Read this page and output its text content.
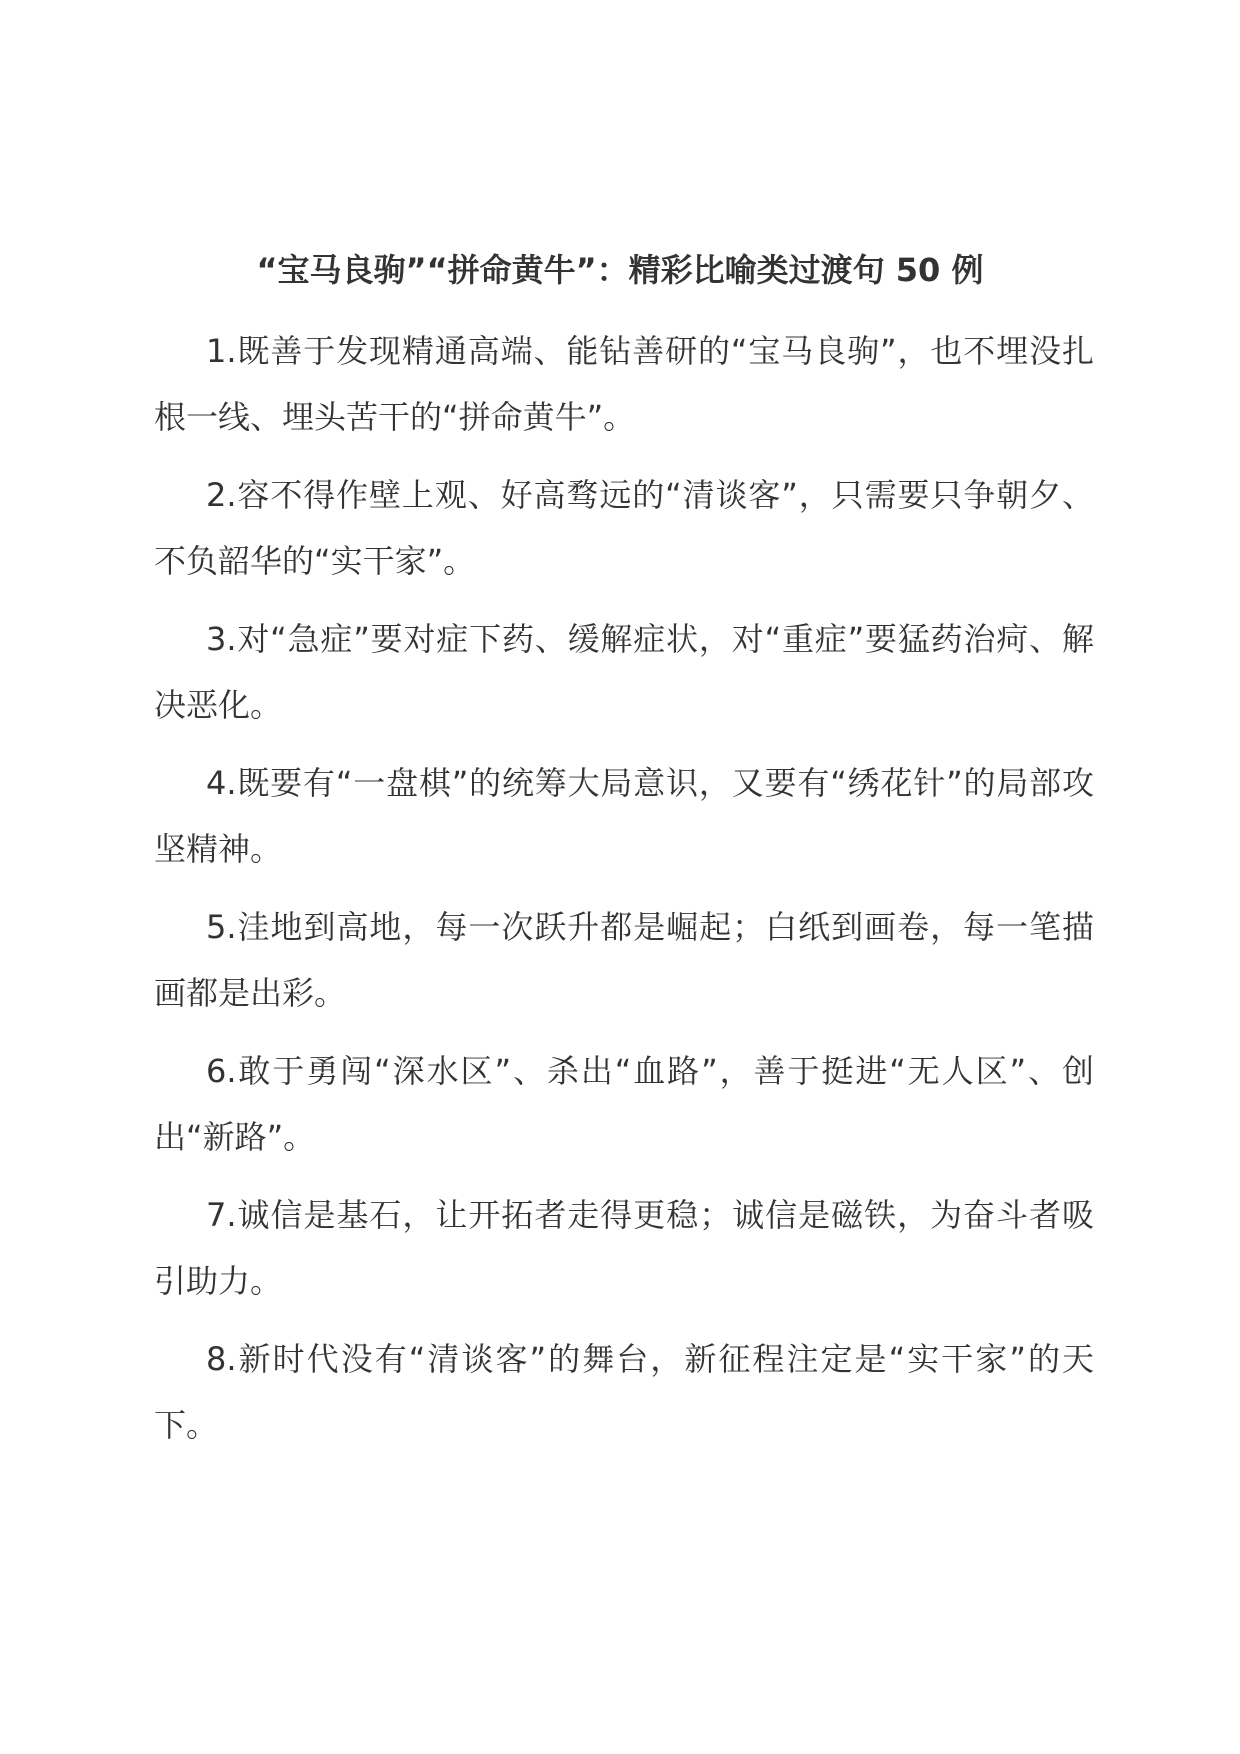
“宝马良驹”“拼命黄牛”：精彩比喻类过渡句 50 例

1.既善于发现精通高端、能钻善研的“宝马良驹”，也不埋没扎根一线、埋头苦干的“拼命黄牛”。

2.容不得作壁上观、好高骛远的“清谈客”，只需要只争朝夕、不负韶华的“实干家”。

3.对“急症”要对症下药、缓解症状，对“重症”要猛药治疴、解决恶化。

4.既要有“一盘棋”的统筹大局意识，又要有“绣花针”的局部攻坚精神。

5.洼地到高地，每一次跃升都是崛起；白纸到画卷，每一笔描画都是出彩。

6.敢于勇闯“深水区”、杀出“血路”，善于挺进“无人区”、创出“新路”。

7.诚信是基石，让开拓者走得更稳；诚信是磁铁，为奋斗者吸引助力。

8.新时代没有“清谈客”的舞台，新征程注定是“实干家”的天下。
